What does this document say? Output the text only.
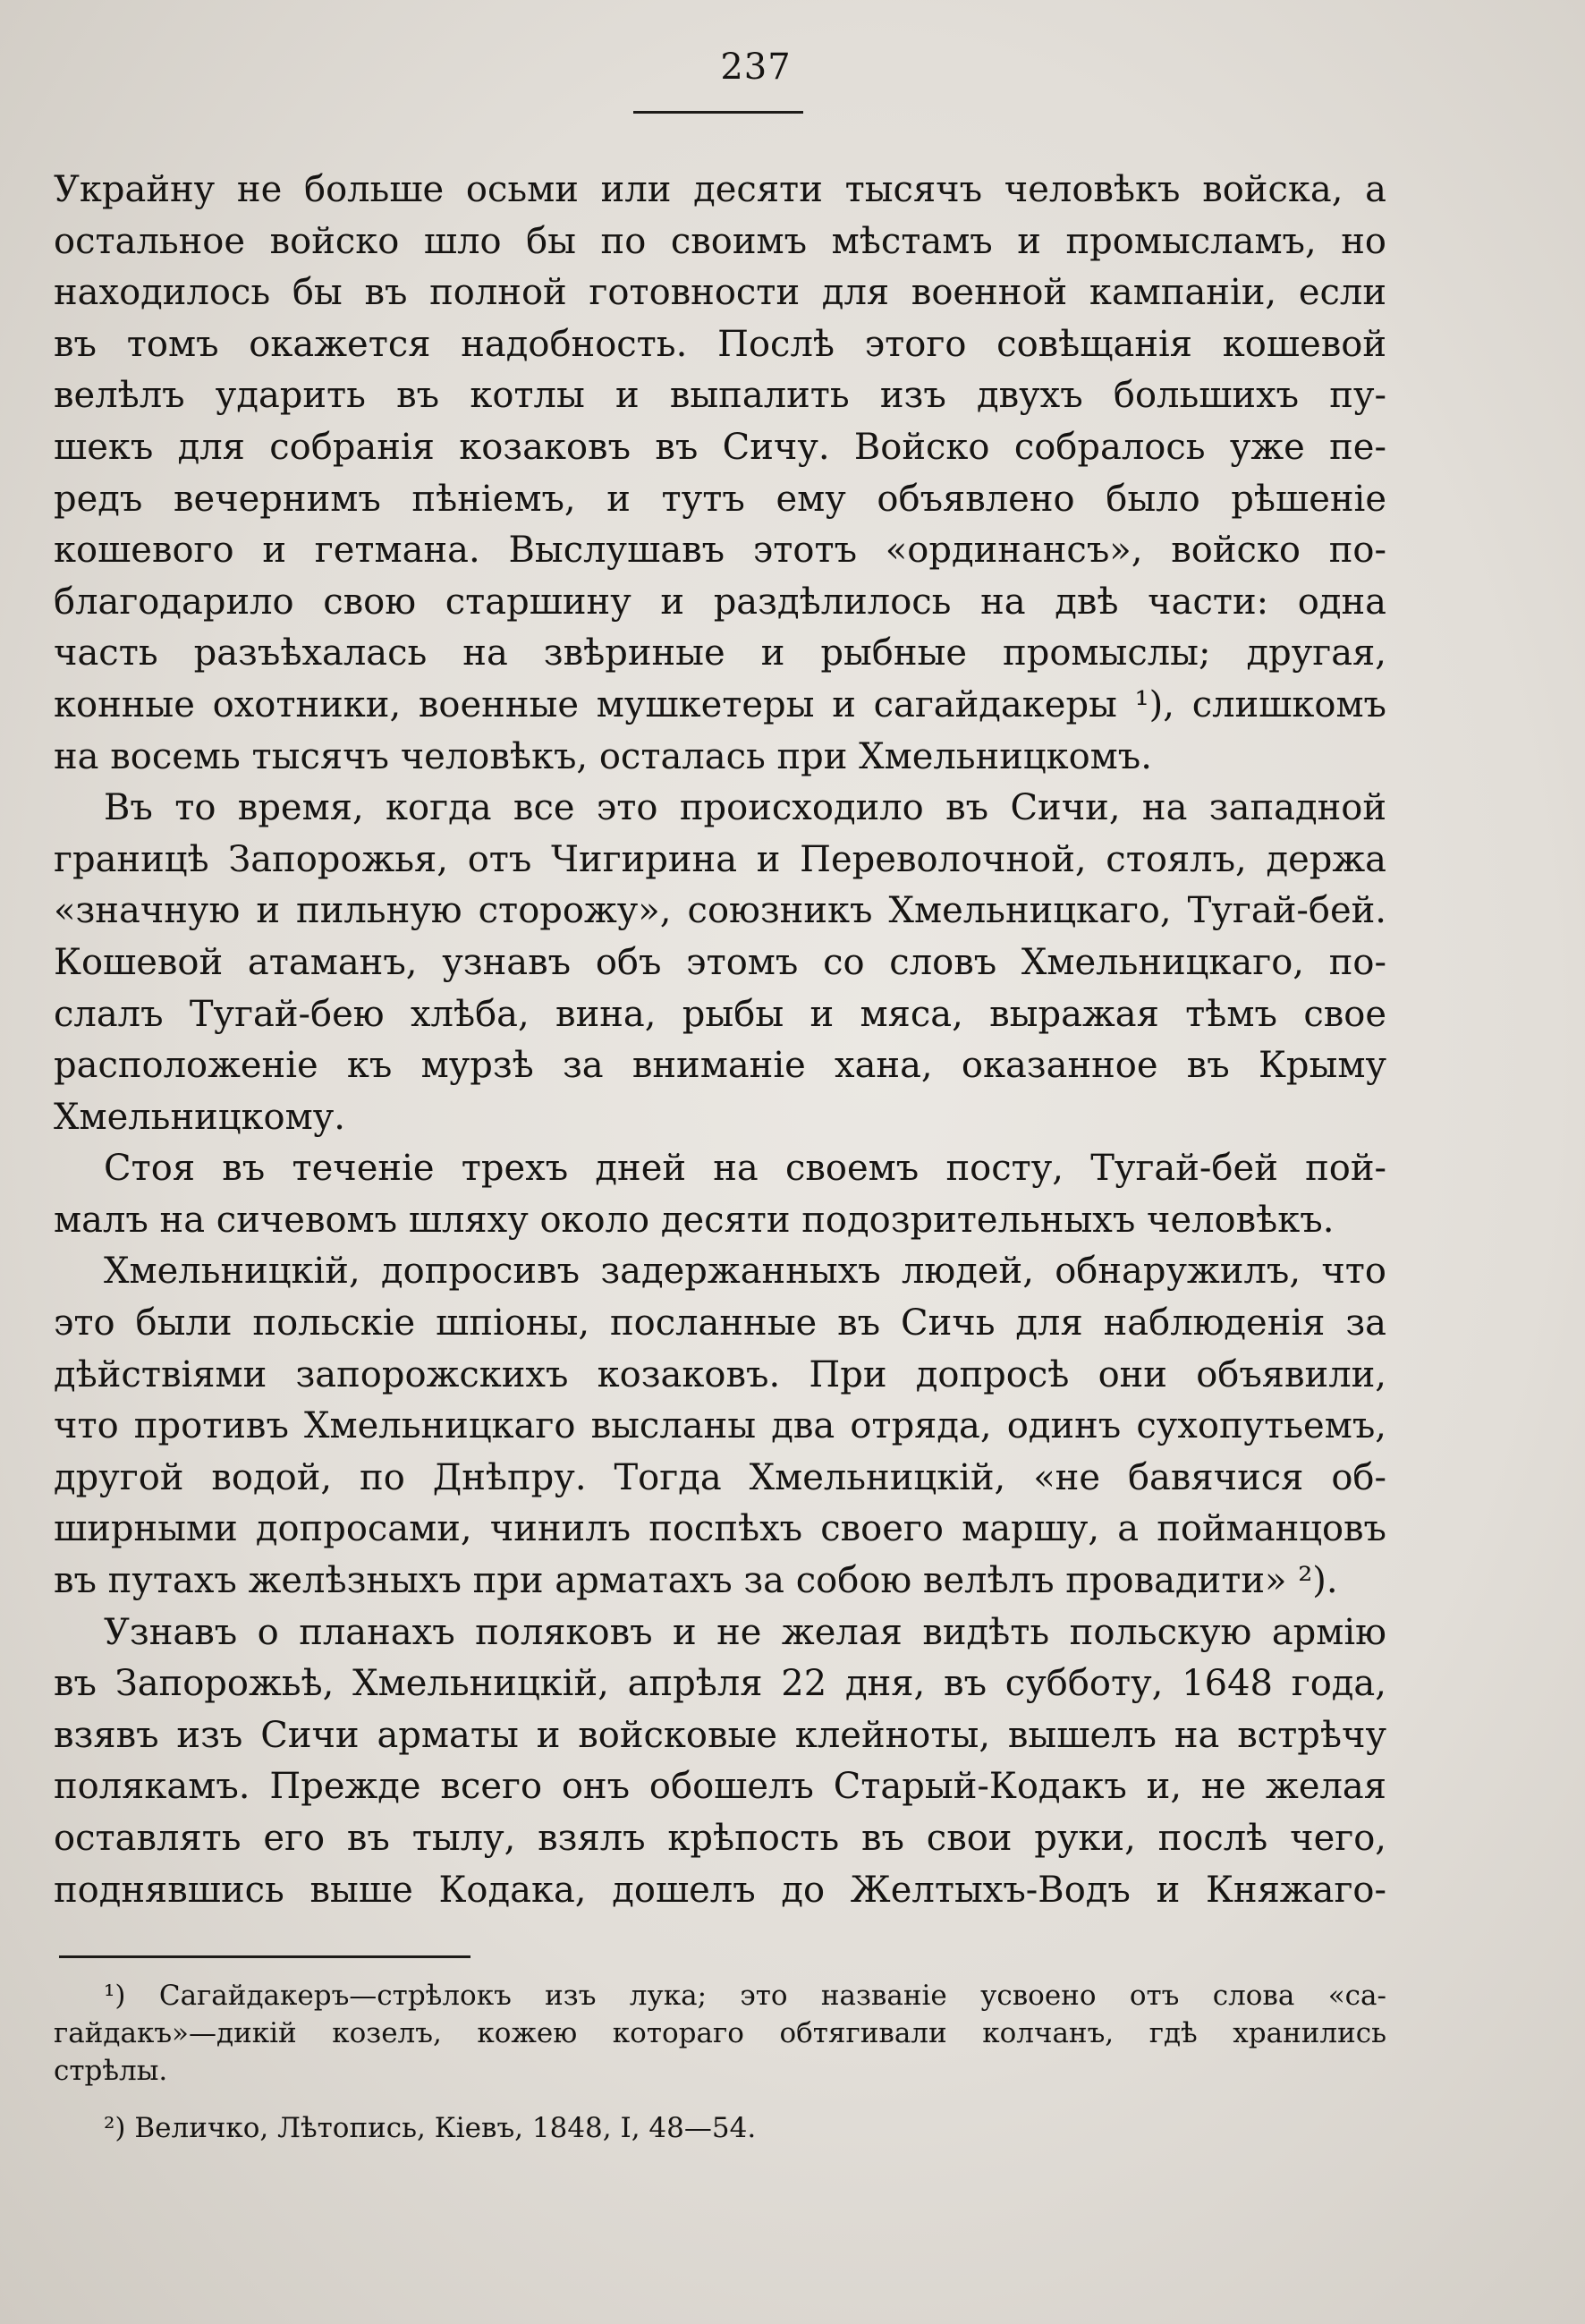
237
Украйну не больше осьми или десяти тысячъ человѣкъ войска, а
остальное войско шло бы по своимъ мѣстамъ и промысламъ, но
находилось бы въ полной готовности для военной кампаніи, если
въ томъ окажется надобность. Послѣ этого совѣщанія кошевой
велѣлъ ударить въ котлы и выпалить изъ двухъ большихъ пу-
шекъ для собранія козаковъ въ Сичу. Войско собралось уже пе-
редъ вечернимъ пѣніемъ, и тутъ ему объявлено было рѣшеніе
кошевого и гетмана. Выслушавъ этотъ «ординансъ», войско по-
благодарило свою старшину и раздѣлилось на двѣ части: одна
часть разъѣхалась на звѣриные и рыбные промыслы; другая,
конные охотники, военные мушкетеры и сагайдакеры ¹), слишкомъ
на восемь тысячъ человѣкъ, осталась при Хмельницкомъ.
Въ то время, когда все это происходило въ Сичи, на западной
границѣ Запорожья, отъ Чигирина и Переволочной, стоялъ, держа
«значную и пильную сторожу», союзникъ Хмельницкаго, Тугай-бей.
Кошевой атаманъ, узнавъ объ этомъ со словъ Хмельницкаго, по-
слалъ Тугай-бею хлѣба, вина, рыбы и мяса, выражая тѣмъ свое
расположеніе къ мурзѣ за вниманіе хана, оказанное въ Крыму
Хмельницкому.
Стоя въ теченіе трехъ дней на своемъ посту, Тугай-бей пой-
малъ на сичевомъ шляху около десяти подозрительныхъ человѣкъ.
Хмельницкій, допросивъ задержанныхъ людей, обнаружилъ, что
это были польскіе шпіоны, посланные въ Сичь для наблюденія за
дѣйствіями запорожскихъ козаковъ. При допросѣ они объявили,
что противъ Хмельницкаго высланы два отряда, одинъ сухопутьемъ,
другой водой, по Днѣпру. Тогда Хмельницкій, «не бавячися об-
ширными допросами, чинилъ поспѣхъ своего маршу, а пойманцовъ
въ путахъ желѣзныхъ при арматахъ за собою велѣлъ провадити» ²).
Узнавъ о планахъ поляковъ и не желая видѣть польскую армію
въ Запорожьѣ, Хмельницкій, апрѣля 22 дня, въ субботу, 1648 года,
взявъ изъ Сичи арматы и войсковые клейноты, вышелъ на встрѣчу
полякамъ. Прежде всего онъ обошелъ Старый-Кодакъ и, не желая
оставлять его въ тылу, взялъ крѣпость въ свои руки, послѣ чего,
поднявшись выше Кодака, дошелъ до Желтыхъ-Водъ и Княжаго-
¹) Сагайдакеръ—стрѣлокъ изъ лука; это названіе усвоено отъ слова «са-
гайдакъ»—дикій козелъ, кожею котораго обтягивали колчанъ, гдѣ хранились
стрѣлы.
²) Величко, Лѣтопись, Кіевъ, 1848, I, 48—54.
